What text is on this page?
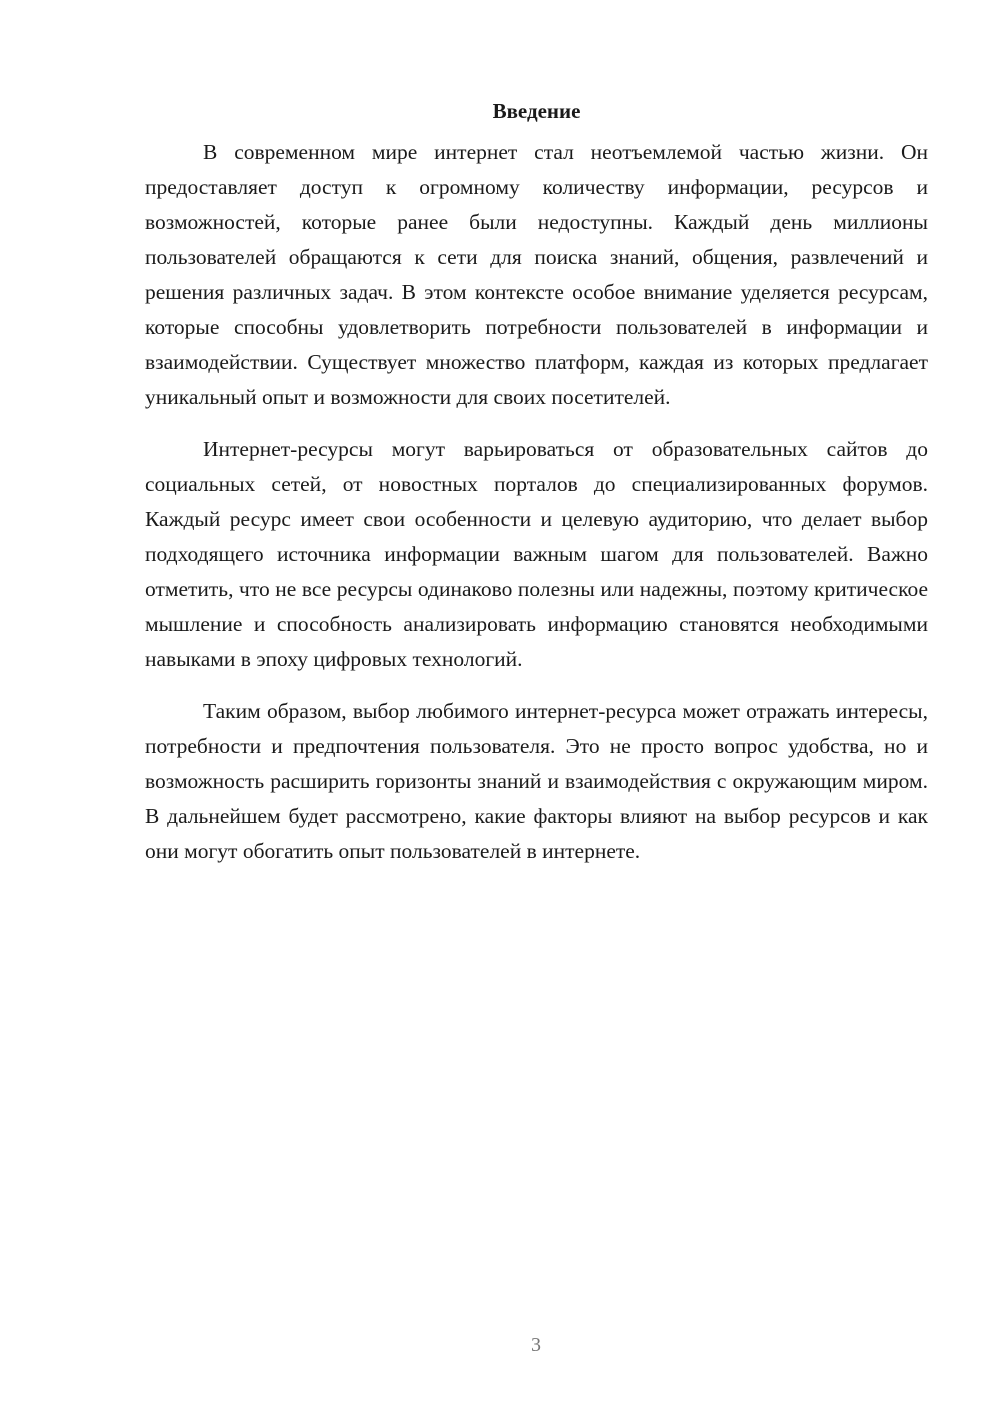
Введение

В современном мире интернет стал неотъемлемой частью жизни. Он предоставляет доступ к огромному количеству информации, ресурсов и возможностей, которые ранее были недоступны. Каждый день миллионы пользователей обращаются к сети для поиска знаний, общения, развлечений и решения различных задач. В этом контексте особое внимание уделяется ресурсам, которые способны удовлетворить потребности пользователей в информации и взаимодействии. Существует множество платформ, каждая из которых предлагает уникальный опыт и возможности для своих посетителей.

Интернет-ресурсы могут варьироваться от образовательных сайтов до социальных сетей, от новостных порталов до специализированных форумов. Каждый ресурс имеет свои особенности и целевую аудиторию, что делает выбор подходящего источника информации важным шагом для пользователей. Важно отметить, что не все ресурсы одинаково полезны или надежны, поэтому критическое мышление и способность анализировать информацию становятся необходимыми навыками в эпоху цифровых технологий.

Таким образом, выбор любимого интернет-ресурса может отражать интересы, потребности и предпочтения пользователя. Это не просто вопрос удобства, но и возможность расширить горизонты знаний и взаимодействия с окружающим миром. В дальнейшем будет рассмотрено, какие факторы влияют на выбор ресурсов и как они могут обогатить опыт пользователей в интернете.

3
